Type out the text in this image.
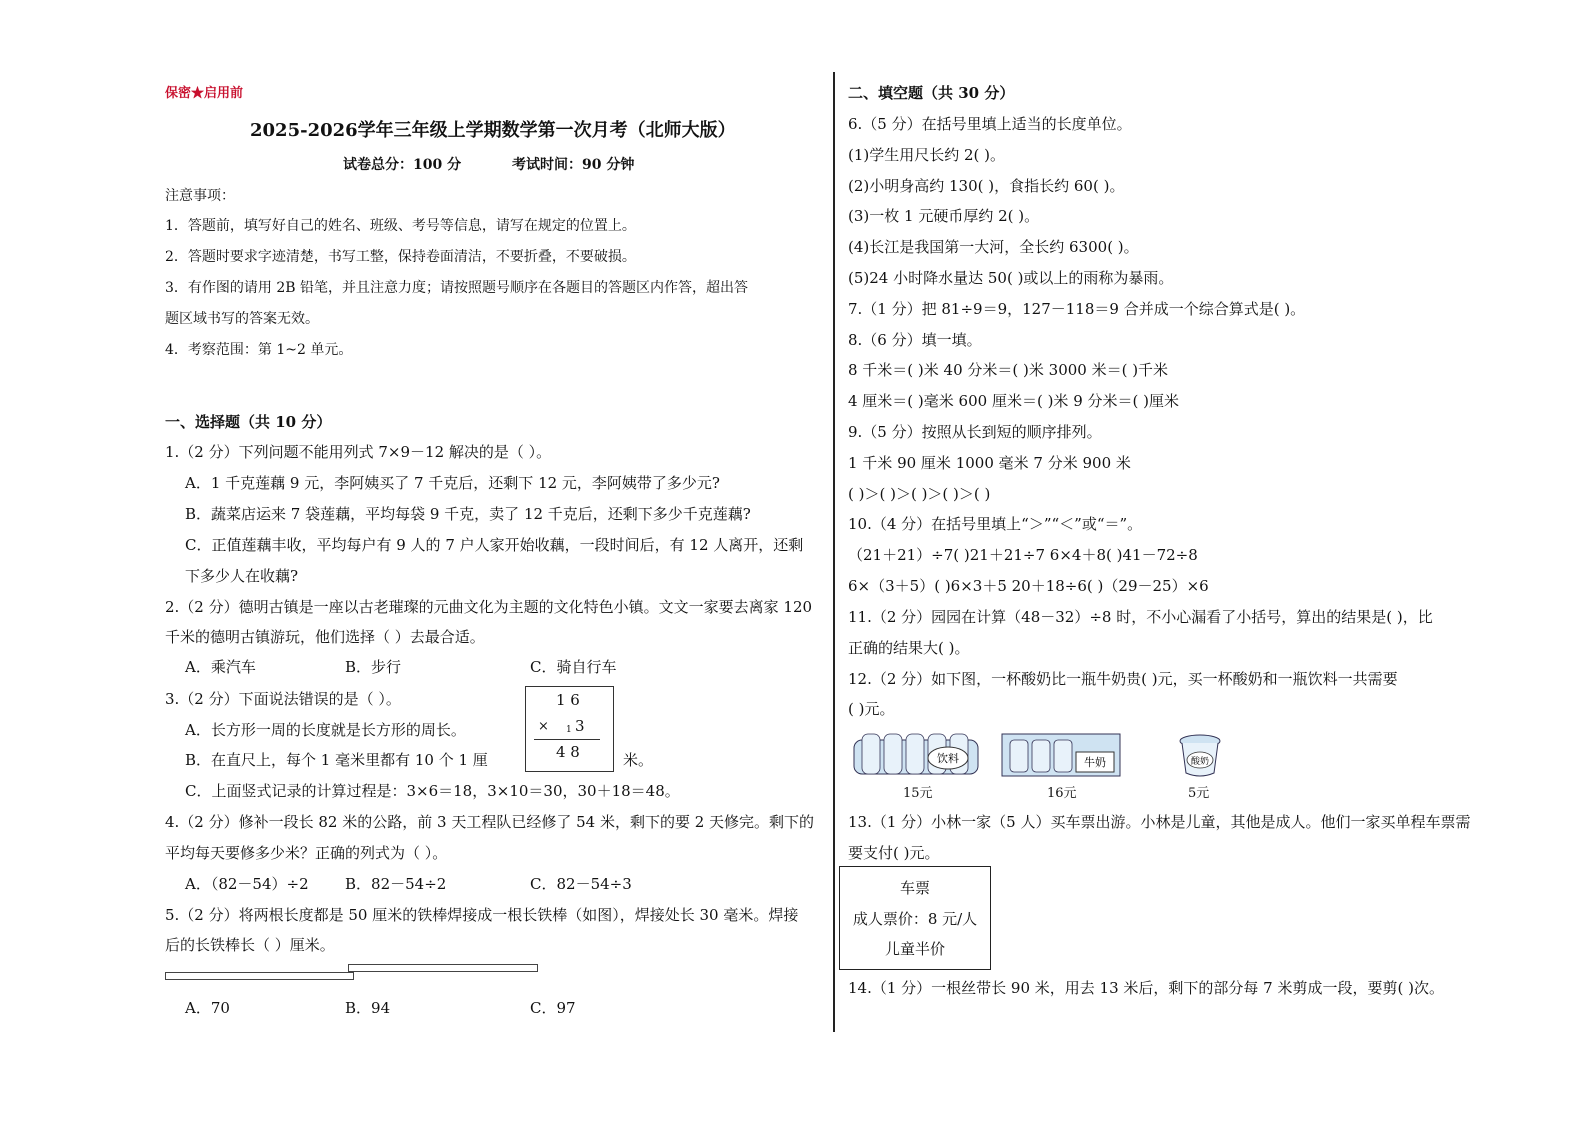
保密★启用前
2025-2026学年三年级上学期数学第一次月考（北师大版）
试卷总分：100 分	考试时间：90 分钟
注意事项：
1．答题前，填写好自己的姓名、班级、考号等信息，请写在规定的位置上。
2．答题时要求字迹清楚，书写工整，保持卷面清洁，不要折叠，不要破损。
3．有作图的请用 2B 铅笔，并且注意力度；请按照题号顺序在各题目的答题区内作答，超出答
题区域书写的答案无效。
4．考察范围：第 1~2 单元。
一、选择题（共 10 分）
1.（2 分）下列问题不能用列式 7×9－12 解决的是（ ）。
A．1 千克莲藕 9 元，李阿姨买了 7 千克后，还剩下 12 元，李阿姨带了多少元?
B．蔬菜店运来 7 袋莲藕，平均每袋 9 千克，卖了 12 千克后，还剩下多少千克莲藕?
C．正值莲藕丰收，平均每户有 9 人的 7 户人家开始收藕，一段时间后，有 12 人离开，还剩
下多少人在收藕?
2.（2 分）德明古镇是一座以古老璀璨的元曲文化为主题的文化特色小镇。文文一家要去离家 120
千米的德明古镇游玩，他们选择（ ）去最合适。
A．乘汽车	B．步行	C．骑自行车
3.（2 分）下面说法错误的是（ ）。
A．长方形一周的长度就是长方形的周长。
B．在直尺上，每个 1 毫米里都有 10 个 1 厘	米。
C．上面竖式记录的计算过程是：3×6＝18，3×10＝30，30＋18＝48。
1 6
× 1 3
4 8
4.（2 分）修补一段长 82 米的公路，前 3 天工程队已经修了 54 米，剩下的要 2 天修完。剩下的
平均每天要修多少米？正确的列式为（ ）。
A．（82－54）÷2 B．82－54÷2	C．82－54÷3
5.（2 分）将两根长度都是 50 厘米的铁棒焊接成一根长铁棒（如图），焊接处长 30 毫米。焊接
后的长铁棒长（ ）厘米。
A．70	B．94	C．97
二、填空题（共 30 分）
6.（5 分）在括号里填上适当的长度单位。
(1)学生用尺长约 2( )。
(2)小明身高约 130( )，食指长约 60( )。
(3)一枚 1 元硬币厚约 2( )。
(4)长江是我国第一大河，全长约 6300( )。
(5)24 小时降水量达 50( )或以上的雨称为暴雨。
7.（1 分）把 81÷9＝9，127－118＝9 合并成一个综合算式是( )。
8.（6 分）填一填。
8 千米＝( )米 40 分米＝( )米 3000 米＝( )千米
4 厘米＝( )毫米 600 厘米＝( )米 9 分米＝( )厘米
9.（5 分）按照从长到短的顺序排列。
1 千米 90 厘米 1000 毫米 7 分米 900 米
( )＞( )＞( )＞( )＞( )
10.（4 分）在括号里填上“＞”“＜”或“＝”。
（21＋21）÷7( )21＋21÷7 6×4＋8( )41－72÷8
6×（3＋5）( )6×3＋5 20＋18÷6( )（29－25）×6
11.（2 分）园园在计算（48－32）÷8 时，不小心漏看了小括号，算出的结果是( )，比
正确的结果大( )。
12.（2 分）如下图，一杯酸奶比一瓶牛奶贵( )元，买一杯酸奶和一瓶饮料一共需要
( )元。
饮料
15元
牛奶
16元
酸奶
5元
13.（1 分）小林一家（5 人）买车票出游。小林是儿童，其他是成人。他们一家买单程车票需
要支付( )元。
车票
成人票价：8 元/人
儿童半价
14.（1 分）一根丝带长 90 米，用去 13 米后，剩下的部分每 7 米剪成一段，要剪( )次。
